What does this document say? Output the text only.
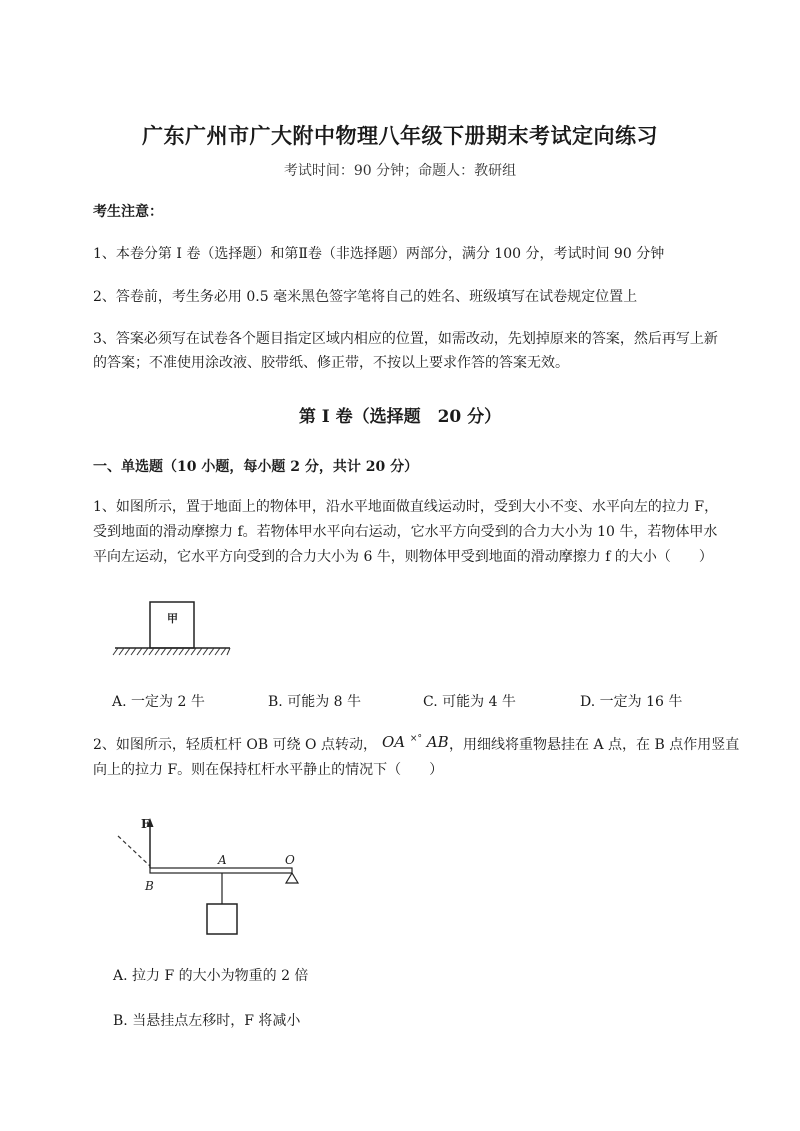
广东广州市广大附中物理八年级下册期末考试定向练习
考试时间：90 分钟；命题人：教研组
考生注意：
1、本卷分第 I 卷（选择题）和第Ⅱ卷（非选择题）两部分，满分 100 分，考试时间 90 分钟
2、答卷前，考生务必用 0.5 毫米黑色签字笔将自己的姓名、班级填写在试卷规定位置上
3、答案必须写在试卷各个题目指定区域内相应的位置，如需改动，先划掉原来的答案，然后再写上新
的答案；不准使用涂改液、胶带纸、修正带，不按以上要求作答的答案无效。
第 I 卷（选择题　20 分）
一、单选题（10 小题，每小题 2 分，共计 20 分）
1、如图所示，置于地面上的物体甲，沿水平地面做直线运动时，受到大小不变、水平向左的拉力 F，
受到地面的滑动摩擦力 f。若物体甲水平向右运动，它水平方向受到的合力大小为 10 牛，若物体甲水
平向左运动，它水平方向受到的合力大小为 6 牛，则物体甲受到地面的滑动摩擦力 f 的大小（　　）
甲
A. 一定为 2 牛	B. 可能为 8 牛	C. 可能为 4 牛	D. 一定为 16 牛
2、如图所示，轻质杠杆 OB 可绕 O 点转动， OA ×° AB ，用细线将重物悬挂在 A 点，在 B 点作用竖直
向上的拉力 F。则在保持杠杆水平静止的情况下（　　）
F
A	O
B
A. 拉力 F 的大小为物重的 2 倍
B. 当悬挂点左移时，F 将减小
